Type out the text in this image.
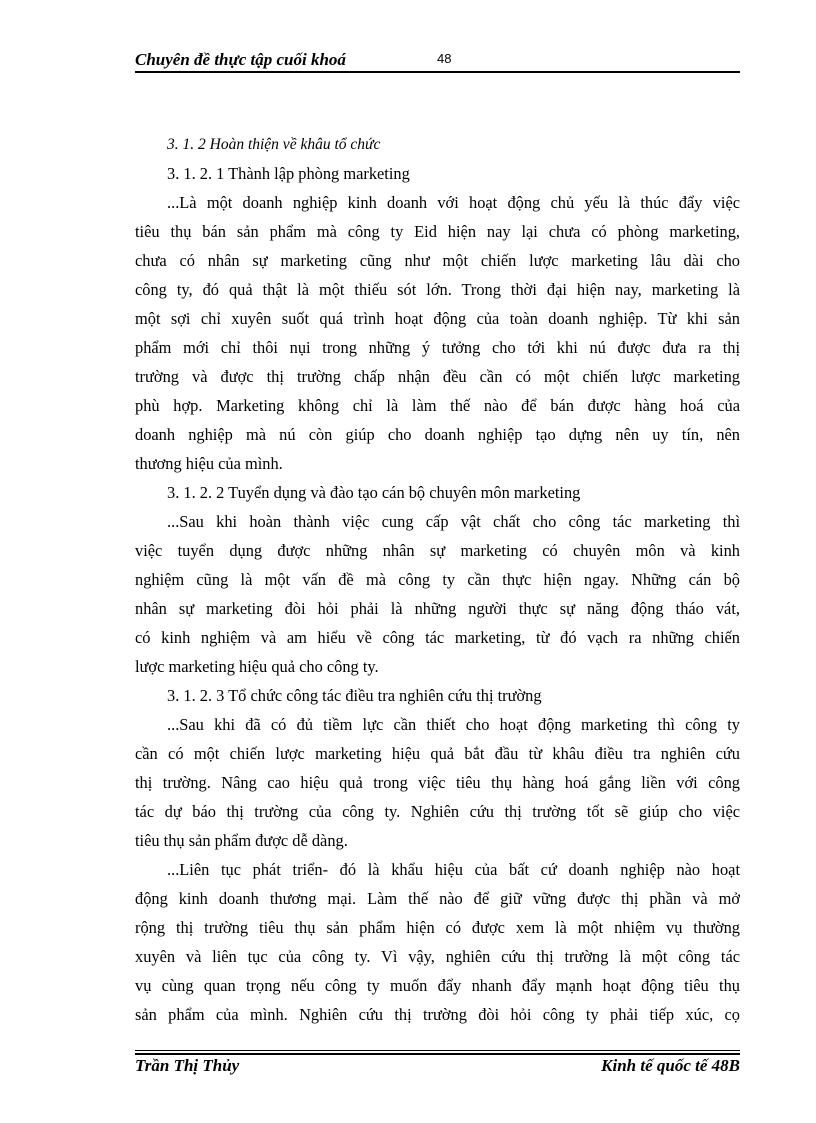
Chuyên đề thực tập cuối khoá	48
3. 1. 2 Hoàn thiện về khâu tổ chức
3. 1. 2. 1 Thành lập phòng marketing
...Là một doanh nghiệp kinh doanh với hoạt động chủ yếu là thúc đẩy việc
tiêu thụ bán sản phẩm mà công ty Eid hiện nay lại chưa có phòng marketing,
chưa có nhân sự marketing cũng như một chiến lược marketing lâu dài cho
công ty, đó quả thật là một thiếu sót lớn. Trong thời đại hiện nay, marketing là
một sợi chỉ xuyên suốt quá trình hoạt động của toàn doanh nghiệp. Từ khi sản
phẩm mới chỉ thôi nụi trong những ý tưởng cho tới khi nú được đưa ra thị
trường và được thị trường chấp nhận đều cần có một chiến lược marketing
phù hợp. Marketing không chỉ là làm thế nào để bán được hàng hoá của
doanh nghiệp mà nú còn giúp cho doanh nghiệp tạo dựng nên uy tín, nên
thương hiệu của mình.
3. 1. 2. 2 Tuyển dụng và đào tạo cán bộ chuyên môn marketing
...Sau khi hoàn thành việc cung cấp vật chất cho công tác marketing thì
việc tuyển dụng được những nhân sự marketing có chuyên môn và kinh
nghiệm cũng là một vấn đề mà công ty cần thực hiện ngay. Những cán bộ
nhân sự marketing đòi hỏi phải là những người thực sự năng động tháo vát,
có kinh nghiệm và am hiểu về công tác marketing, từ đó vạch ra những chiến
lược marketing hiệu quả cho công ty.
3. 1. 2. 3 Tổ chức công tác điều tra nghiên cứu thị trường
...Sau khi đã có đủ tiềm lực cần thiết cho hoạt động marketing thì công ty
cần có một chiến lược marketing hiệu quả bắt đầu từ khâu điều tra nghiên cứu
thị trường. Nâng cao hiệu quả trong việc tiêu thụ hàng hoá gắng liền với công
tác dự báo thị trường của công ty. Nghiên cứu thị trường tốt sẽ giúp cho việc
tiêu thụ sản phẩm được dễ dàng.
...Liên tục phát triển- đó là khẩu hiệu của bất cứ doanh nghiệp nào hoạt
động kinh doanh thương mại. Làm thế nào để giữ vững được thị phần và mở
rộng thị trường tiêu thụ sản phẩm hiện có được xem là một nhiệm vụ thường
xuyên và liên tục của công ty. Vì vậy, nghiên cứu thị trường là một công tác
vụ cùng quan trọng nếu công ty muốn đẩy nhanh đẩy mạnh hoạt động tiêu thụ
sản phẩm của mình. Nghiên cứu thị trường đòi hỏi công ty phải tiếp xúc, cọ
Trần Thị Thủy	Kinh tế quốc tế 48B
